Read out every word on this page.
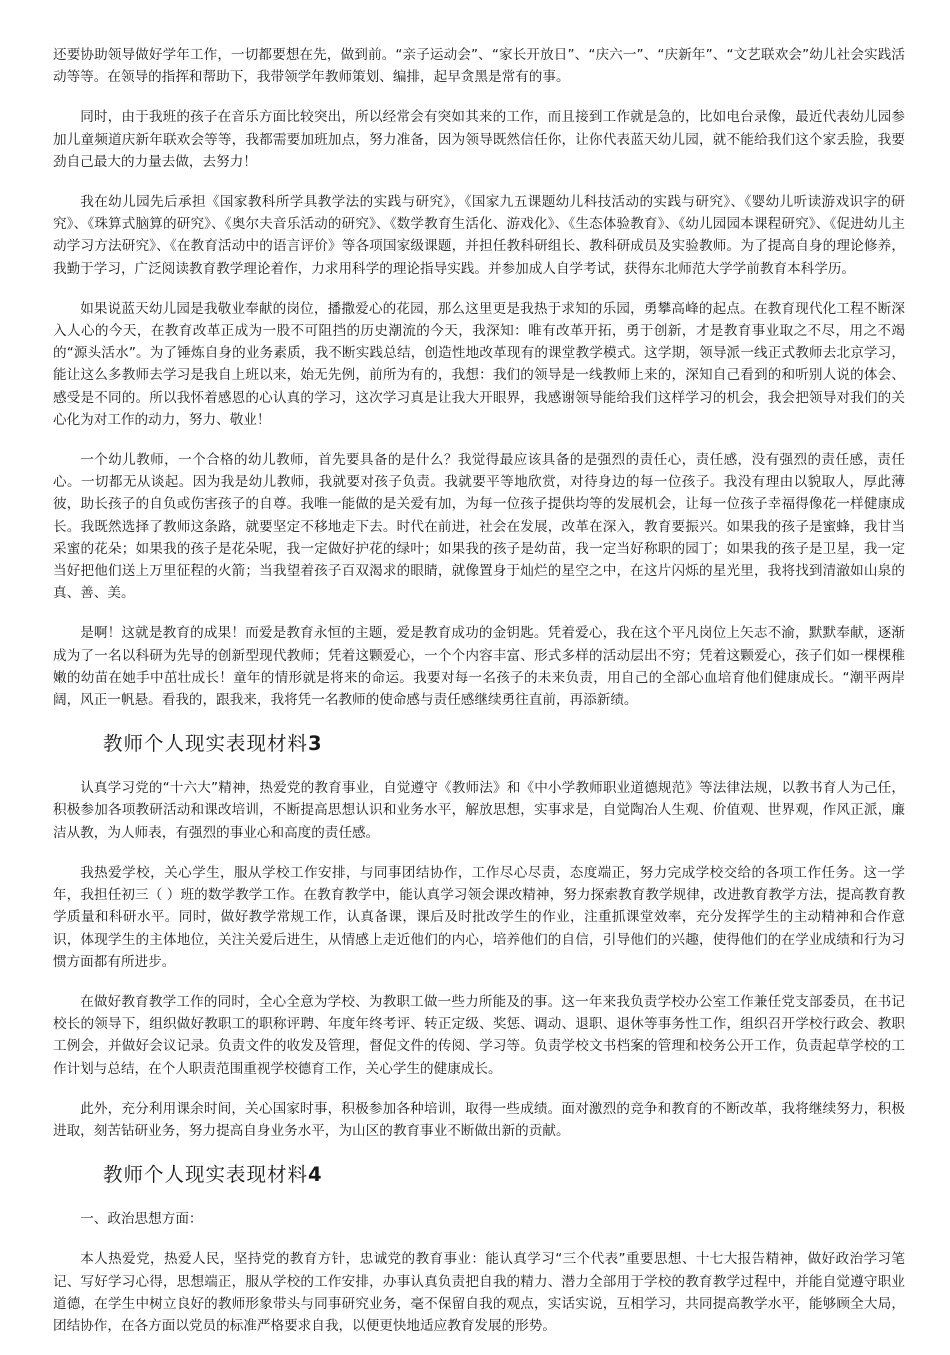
还要协助领导做好学年工作，一切都要想在先，做到前。“亲子运动会”、“家长开放日”、“庆六一”、“庆新年”、“文艺联欢会”幼儿社会实践活动等等。在领导的指挥和帮助下，我带领学年教师策划、编排，起早贪黑是常有的事。

同时，由于我班的孩子在音乐方面比较突出，所以经常会有突如其来的工作，而且接到工作就是急的，比如电台录像，最近代表幼儿园参加儿童频道庆新年联欢会等等，我都需要加班加点，努力准备，因为领导既然信任你，让你代表蓝天幼儿园，就不能给我们这个家丢脸，我要劲自己最大的力量去做，去努力！

我在幼儿园先后承担《国家教科所学具教学法的实践与研究》，《国家九五课题幼儿科技活动的实践与研究》、《婴幼儿听读游戏识字的研究》、《珠算式脑算的研究》、《奥尔夫音乐活动的研究》、《数学教育生活化、游戏化》、《生态体验教育》、《幼儿园园本课程研究》、《促进幼儿主动学习方法研究》、《在教育活动中的语言评价》等各项国家级课题，并担任教科研组长、教科研成员及实验教师。为了提高自身的理论修养，我勤于学习，广泛阅读教育教学理论着作，力求用科学的理论指导实践。并参加成人自学考试，获得东北师范大学学前教育本科学历。

如果说蓝天幼儿园是我敬业奉献的岗位，播撒爱心的花园，那么这里更是我热于求知的乐园，勇攀高峰的起点。在教育现代化工程不断深入人心的今天，在教育改革正成为一股不可阻挡的历史潮流的今天，我深知：唯有改革开拓，勇于创新，才是教育事业取之不尽，用之不竭的“源头活水”。为了锤炼自身的业务素质，我不断实践总结，创造性地改革现有的课堂教学模式。这学期，领导派一线正式教师去北京学习，能让这么多教师去学习是我自上班以来，始无先例，前所为有的，我想：我们的领导是一线教师上来的，深知自己看到的和听别人说的体会、感受是不同的。所以我怀着感恩的心认真的学习，这次学习真是让我大开眼界，我感谢领导能给我们这样学习的机会，我会把领导对我们的关心化为对工作的动力，努力、敬业！

一个幼儿教师，一个合格的幼儿教师，首先要具备的是什么？我觉得最应该具备的是强烈的责任心，责任感，没有强烈的责任感，责任心。一切都无从谈起。因为我是幼儿教师，我就要对孩子负责。我就要平等地欣赏，对待身边的每一位孩子。我没有理由以貌取人，厚此薄彼，助长孩子的自负或伤害孩子的自尊。我唯一能做的是关爱有加，为每一位孩子提供均等的发展机会，让每一位孩子幸福得像花一样健康成长。我既然选择了教师这条路，就要坚定不移地走下去。时代在前进，社会在发展，改革在深入，教育要振兴。如果我的孩子是蜜蜂，我甘当采蜜的花朵；如果我的孩子是花朵呢，我一定做好护花的绿叶；如果我的孩子是幼苗，我一定当好称职的园丁；如果我的孩子是卫星，我一定当好把他们送上万里征程的火箭；当我望着孩子百双渴求的眼睛，就像置身于灿烂的星空之中，在这片闪烁的星光里，我将找到清澈如山泉的真、善、美。

是啊！这就是教育的成果！而爱是教育永恒的主题，爱是教育成功的金钥匙。凭着爱心，我在这个平凡岗位上矢志不渝，默默奉献，逐渐成为了一名以科研为先导的创新型现代教师；凭着这颗爱心，一个个内容丰富、形式多样的活动层出不穷；凭着这颗爱心，孩子们如一棵棵稚嫩的幼苗在她手中茁壮成长！童年的情形就是将来的命运。我要对每一名孩子的未来负责，用自己的全部心血培育他们健康成长。“潮平两岸阔，风正一帆悬。看我的，跟我来，我将凭一名教师的使命感与责任感继续勇往直前，再添新绩。

教师个人现实表现材料3

认真学习党的“十六大”精神，热爱党的教育事业，自觉遵守《教师法》和《中小学教师职业道德规范》等法律法规，以教书育人为己任，积极参加各项教研活动和课改培训，不断提高思想认识和业务水平，解放思想，实事求是，自觉陶冶人生观、价值观、世界观，作风正派，廉洁从教，为人师表，有强烈的事业心和高度的责任感。

我热爱学校，关心学生，服从学校工作安排，与同事团结协作，工作尽心尽责，态度端正，努力完成学校交给的各项工作任务。这一学年，我担任初三（ ）班的数学教学工作。在教育教学中，能认真学习领会课改精神，努力探索教育教学规律，改进教育教学方法，提高教育教学质量和科研水平。同时，做好教学常规工作，认真备课，课后及时批改学生的作业，注重抓课堂效率，充分发挥学生的主动精神和合作意识，体现学生的主体地位，关注关爱后进生，从情感上走近他们的内心，培养他们的自信，引导他们的兴趣，使得他们的在学业成绩和行为习惯方面都有所进步。

在做好教育教学工作的同时，全心全意为学校、为教职工做一些力所能及的事。这一年来我负责学校办公室工作兼任党支部委员，在书记校长的领导下，组织做好教职工的职称评聘、年度年终考评、转正定级、奖惩、调动、退职、退休等事务性工作，组织召开学校行政会、教职工例会，并做好会议记录。负责文件的收发及管理，督促文件的传阅、学习等。负责学校文书档案的管理和校务公开工作，负责起草学校的工作计划与总结，在个人职责范围重视学校德育工作，关心学生的健康成长。

此外，充分利用课余时间，关心国家时事，积极参加各种培训，取得一些成绩。面对激烈的竞争和教育的不断改革，我将继续努力，积极进取，刻苦钻研业务，努力提高自身业务水平，为山区的教育事业不断做出新的贡献。

教师个人现实表现材料4

一、政治思想方面：

本人热爱党，热爱人民，坚持党的教育方针，忠诚党的教育事业：能认真学习“三个代表”重要思想、十七大报告精神，做好政治学习笔记、写好学习心得，思想端正，服从学校的工作安排，办事认真负责把自我的精力、潜力全部用于学校的教育教学过程中，并能自觉遵守职业道德，在学生中树立良好的教师形象带头与同事研究业务，毫不保留自我的观点，实话实说，互相学习，共同提高教学水平，能够顾全大局，团结协作，在各方面以党员的标准严格要求自我，以便更快地适应教育发展的形势。
